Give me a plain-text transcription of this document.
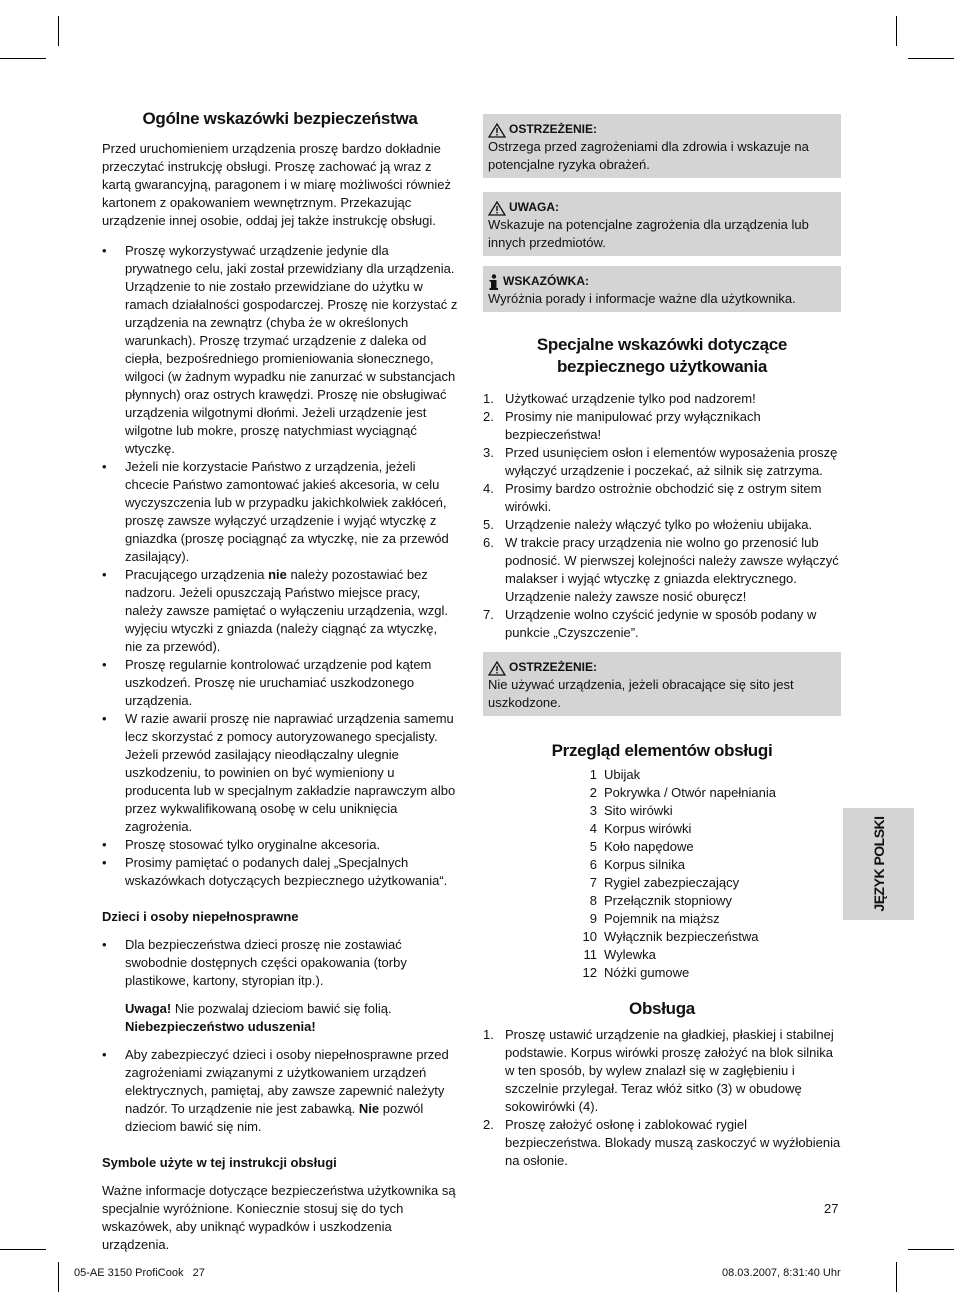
Ogólne wskazówki bezpieczeństwa

Przed uruchomieniem urządzenia proszę bardzo dokładnie przeczytać instrukcję obsługi. Proszę zachować ją wraz z kartą gwarancyjną, paragonem i w miarę możliwości również kartonem z opakowaniem wewnętrznym. Przekazując urządzenie innej osobie, oddaj jej także instrukcję obsługi.

• Proszę wykorzystywać urządzenie jedynie dla prywatnego celu, jaki został przewidziany dla urządzenia. Urządzenie to nie zostało przewidziane do użytku w ramach działalności gospodarczej. Proszę nie korzystać z urządzenia na zewnątrz (chyba że w określonych warunkach). Proszę trzymać urządzenie z daleka od ciepła, bezpośredniego promieniowania słonecznego, wilgoci (w żadnym wypadku nie zanurzać w substancjach płynnych) oraz ostrych krawędzi. Proszę nie obsługiwać urządzenia wilgotnymi dłońmi. Jeżeli urządzenie jest wilgotne lub mokre, proszę natychmiast wyciągnąć wtyczkę.
• Jeżeli nie korzystacie Państwo z urządzenia, jeżeli chcecie Państwo zamontować jakieś akcesoria, w celu wyczyszczenia lub w przypadku jakichkolwiek zakłóceń, proszę zawsze wyłączyć urządzenie i wyjąć wtyczkę z gniazdka (proszę pociągnąć za wtyczkę, nie za przewód zasilający).
• Pracującego urządzenia nie należy pozostawiać bez nadzoru. Jeżeli opuszczają Państwo miejsce pracy, należy zawsze pamiętać o wyłączeniu urządzenia, wzgl. wyjęciu wtyczki z gniazda (należy ciągnąć za wtyczkę, nie za przewód).
• Proszę regularnie kontrolować urządzenie pod kątem uszkodzeń. Proszę nie uruchamiać uszkodzonego urządzenia.
• W razie awarii proszę nie naprawiać urządzenia samemu lecz skorzystać z pomocy autoryzowanego specjalisty. Jeżeli przewód zasilający nieodłączalny ulegnie uszkodzeniu, to powinien on być wymieniony u producenta lub w specjalnym zakładzie naprawczym albo przez wykwalifikowaną osobę w celu uniknięcia zagrożenia.
• Proszę stosować tylko oryginalne akcesoria.
• Prosimy pamiętać o podanych dalej „Specjalnych wskazówkach dotyczących bezpiecznego użytkowania“.
Dzieci i osoby niepełnosprawne
• Dla bezpieczeństwa dzieci proszę nie zostawiać swobodnie dostępnych części opakowania (torby plastikowe, kartony, styropian itp.).
Uwaga! Nie pozwalaj dzieciom bawić się folią.
Niebezpieczeństwo uduszenia!
• Aby zabezpieczyć dzieci i osoby niepełnosprawne przed zagrożeniami związanymi z użytkowaniem urządzeń elektrycznych, pamiętaj, aby zawsze zapewnić należyty nadzór. To urządzenie nie jest zabawką. Nie pozwól dzieciom bawić się nim.
Symbole użyte w tej instrukcji obsługi

Ważne informacje dotyczące bezpieczeństwa użytkownika są specjalnie wyróżnione. Koniecznie stosuj się do tych wskazówek, aby uniknąć wypadków i uszkodzenia urządzenia.

OSTRZEŻENIE:
Ostrzega przed zagrożeniami dla zdrowia i wskazuje na potencjalne ryzyka obrażeń.
UWAGA:
Wskazuje na potencjalne zagrożenia dla urządzenia lub innych przedmiotów.
WSKAZÓWKA:
Wyróżnia porady i informacje ważne dla użytkownika.
Specjalne wskazówki dotyczące
bezpiecznego użytkowania
1. Użytkować urządzenie tylko pod nadzorem!
2. Prosimy nie manipulować przy wyłącznikach bezpieczeństwa!
3. Przed usunięciem osłon i elementów wyposażenia proszę wyłączyć urządzenie i poczekać, aż silnik się zatrzyma.
4. Prosimy bardzo ostrożnie obchodzić się z ostrym sitem wirówki.
5. Urządzenie należy włączyć tylko po włożeniu ubijaka.
6. W trakcie pracy urządzenia nie wolno go przenosić lub podnosić. W pierwszej kolejności należy zawsze wyłączyć malakser i wyjąć wtyczkę z gniazda elektrycznego. Urządzenie należy zawsze nosić oburęcz!
7. Urządzenie wolno czyścić jedynie w sposób podany w punkcie „Czyszczenie”.
OSTRZEŻENIE:
Nie używać urządzenia, jeżeli obracające się sito jest uszkodzone.
Przegląd elementów obsługi
1 Ubijak
2 Pokrywka / Otwór napełniania
3 Sito wirówki
4 Korpus wirówki
5 Koło napędowe
6 Korpus silnika
7 Rygiel zabezpieczający
8 Przełącznik stopniowy
9 Pojemnik na miąższ
10 Wyłącznik bezpieczeństwa
11 Wylewka
12 Nóżki gumowe
Obsługa
1. Proszę ustawić urządzenie na gładkiej, płaskiej i stabilnej podstawie. Korpus wirówki proszę założyć na blok silnika w ten sposób, by wylew znalazł się w zagłębieniu i szczelnie przylegał. Teraz włóż sitko (3) w obudowę sokowirówki (4).
2. Proszę założyć osłonę i zablokować rygiel bezpieczeństwa. Blokady muszą zaskoczyć w wyżłobienia na osłonie.
JĘZYK POLSKI
27
05-AE 3150 ProfiCook   27	08.03.2007, 8:31:40 Uhr
